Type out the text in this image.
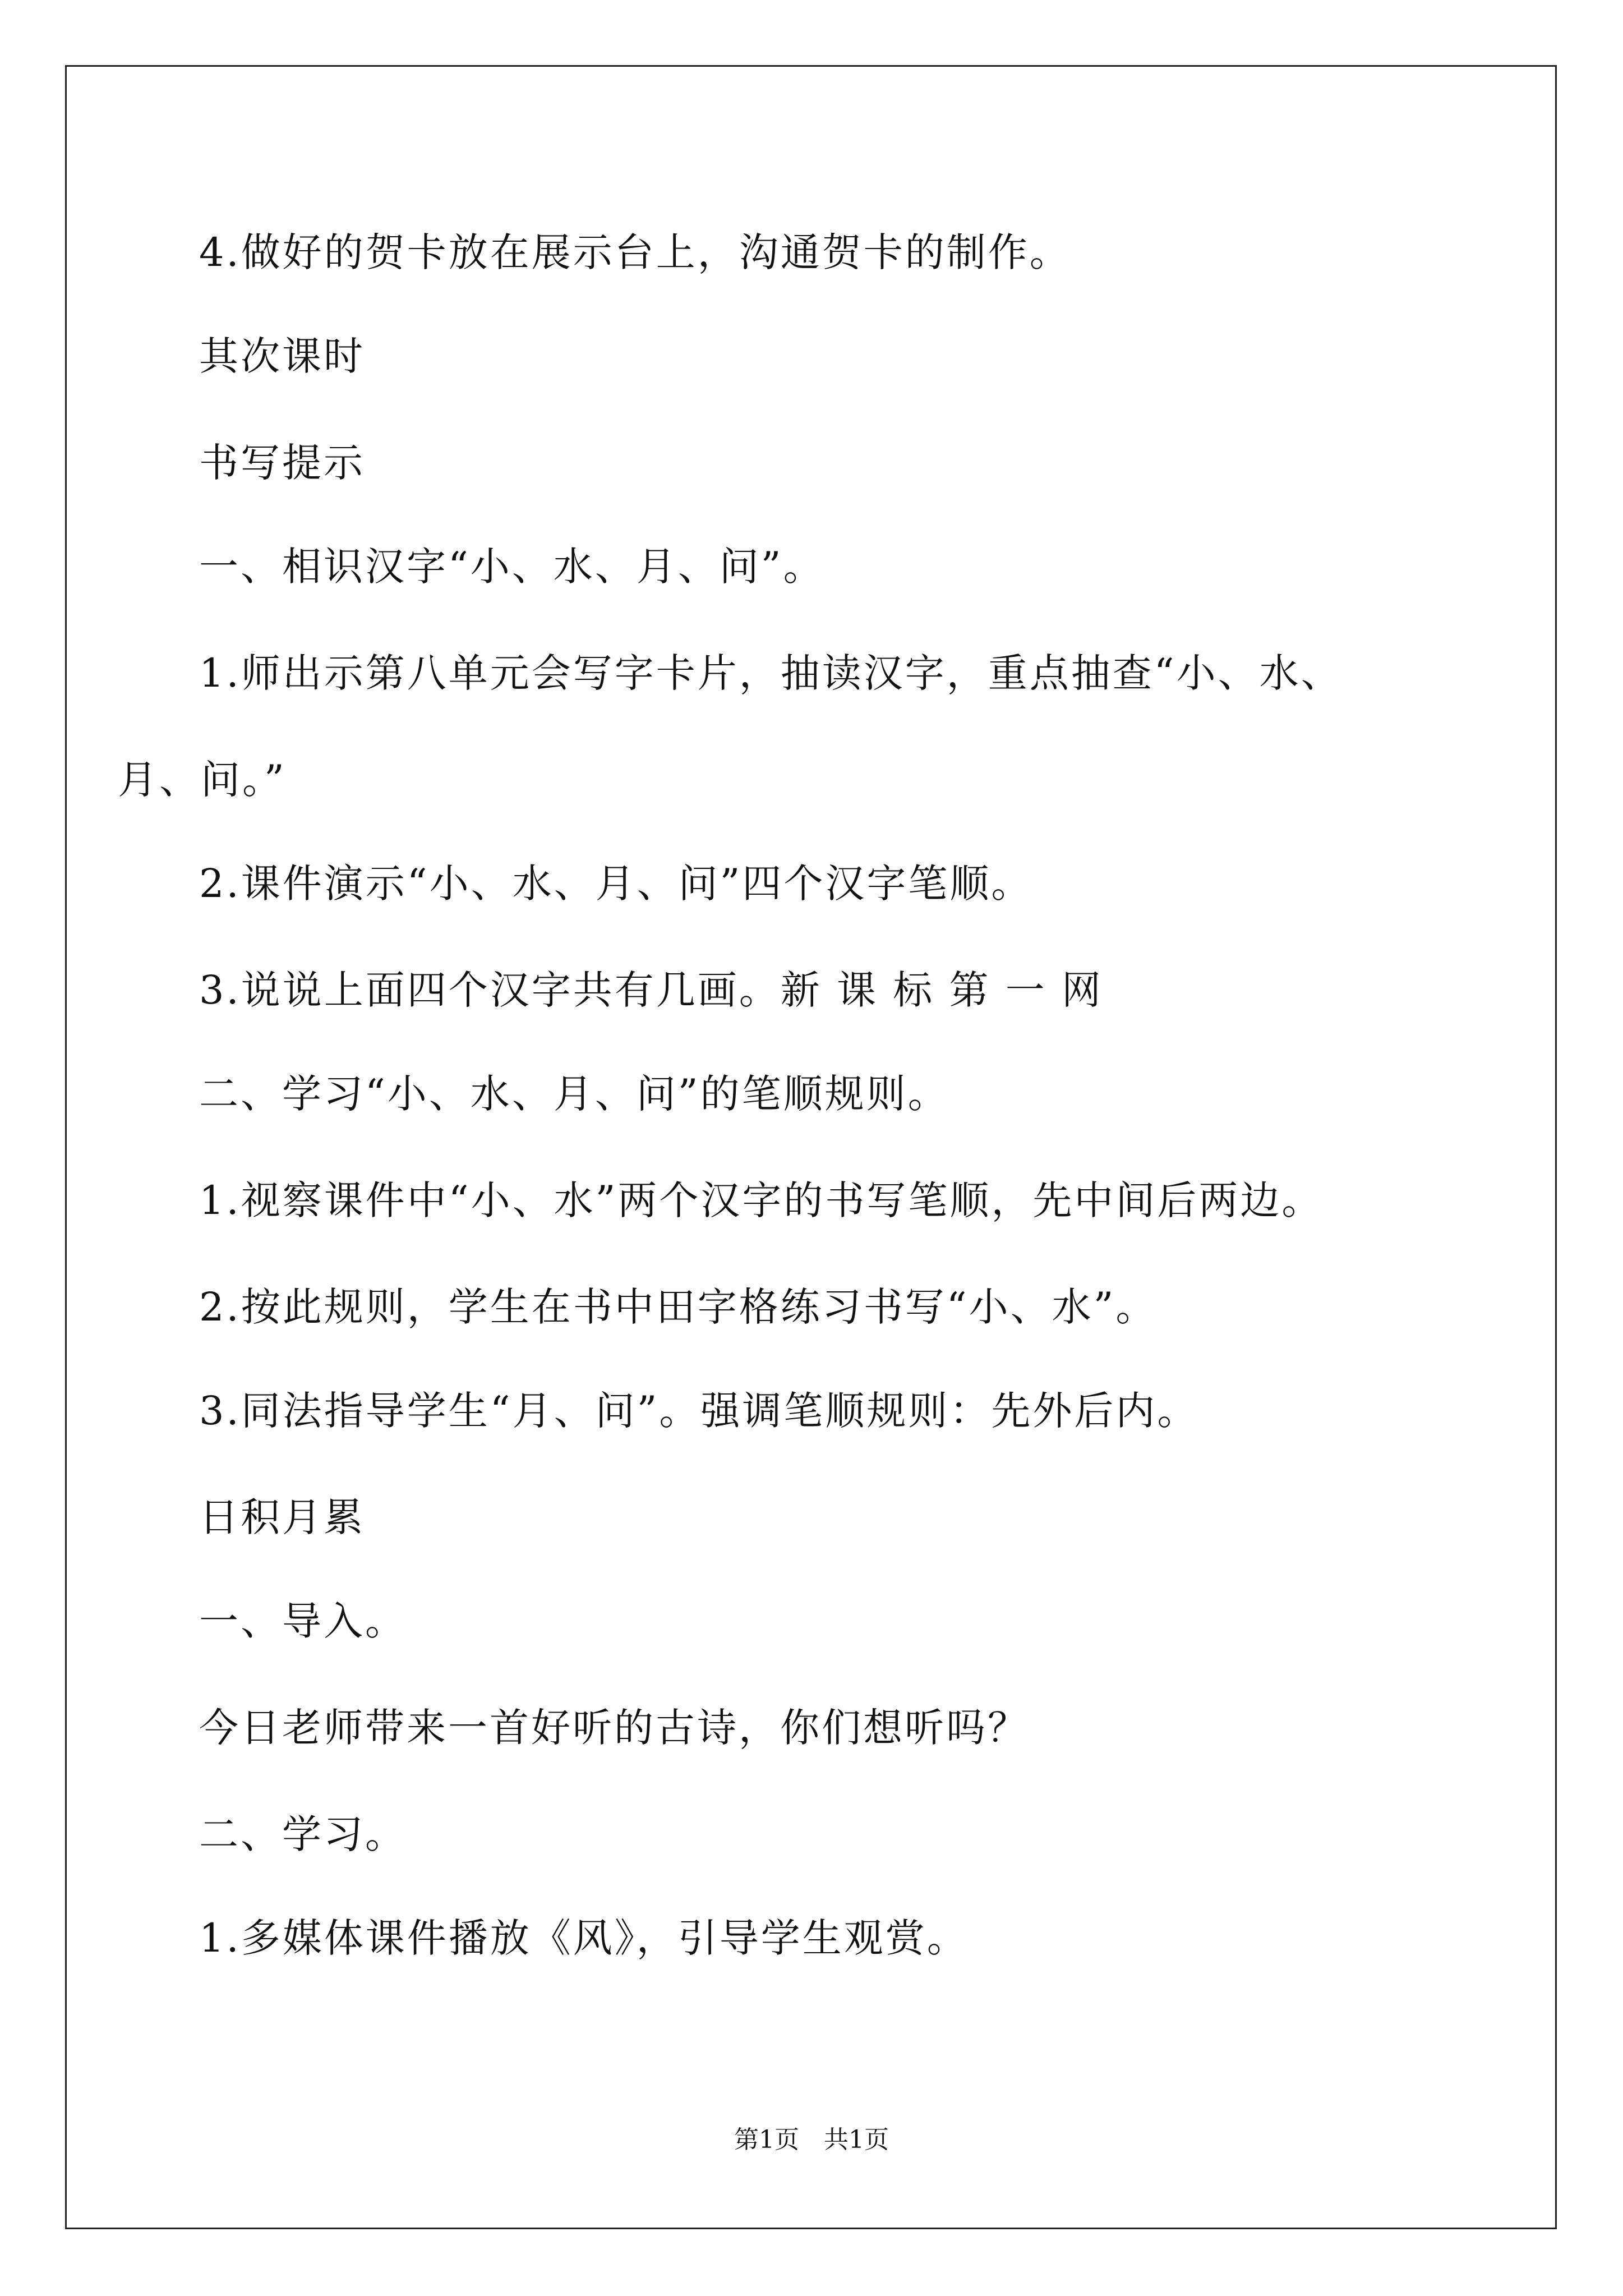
4.做好的贺卡放在展示台上，沟通贺卡的制作。

其次课时

书写提示

一、相识汉字“小、水、月、问”。

1.师出示第八单元会写字卡片，抽读汉字，重点抽查“小、水、

月、问。”

2.课件演示“小、水、月、问”四个汉字笔顺。

3.说说上面四个汉字共有几画。新 课 标 第 一 网

二、学习“小、水、月、问”的笔顺规则。

1.视察课件中“小、水”两个汉字的书写笔顺，先中间后两边。

2.按此规则，学生在书中田字格练习书写“小、水”。

3.同法指导学生“月、问”。强调笔顺规则：先外后内。

日积月累

一、导入。

今日老师带来一首好听的古诗，你们想听吗？

二、学习。

1.多媒体课件播放《风》，引导学生观赏。

第1页　共1页
